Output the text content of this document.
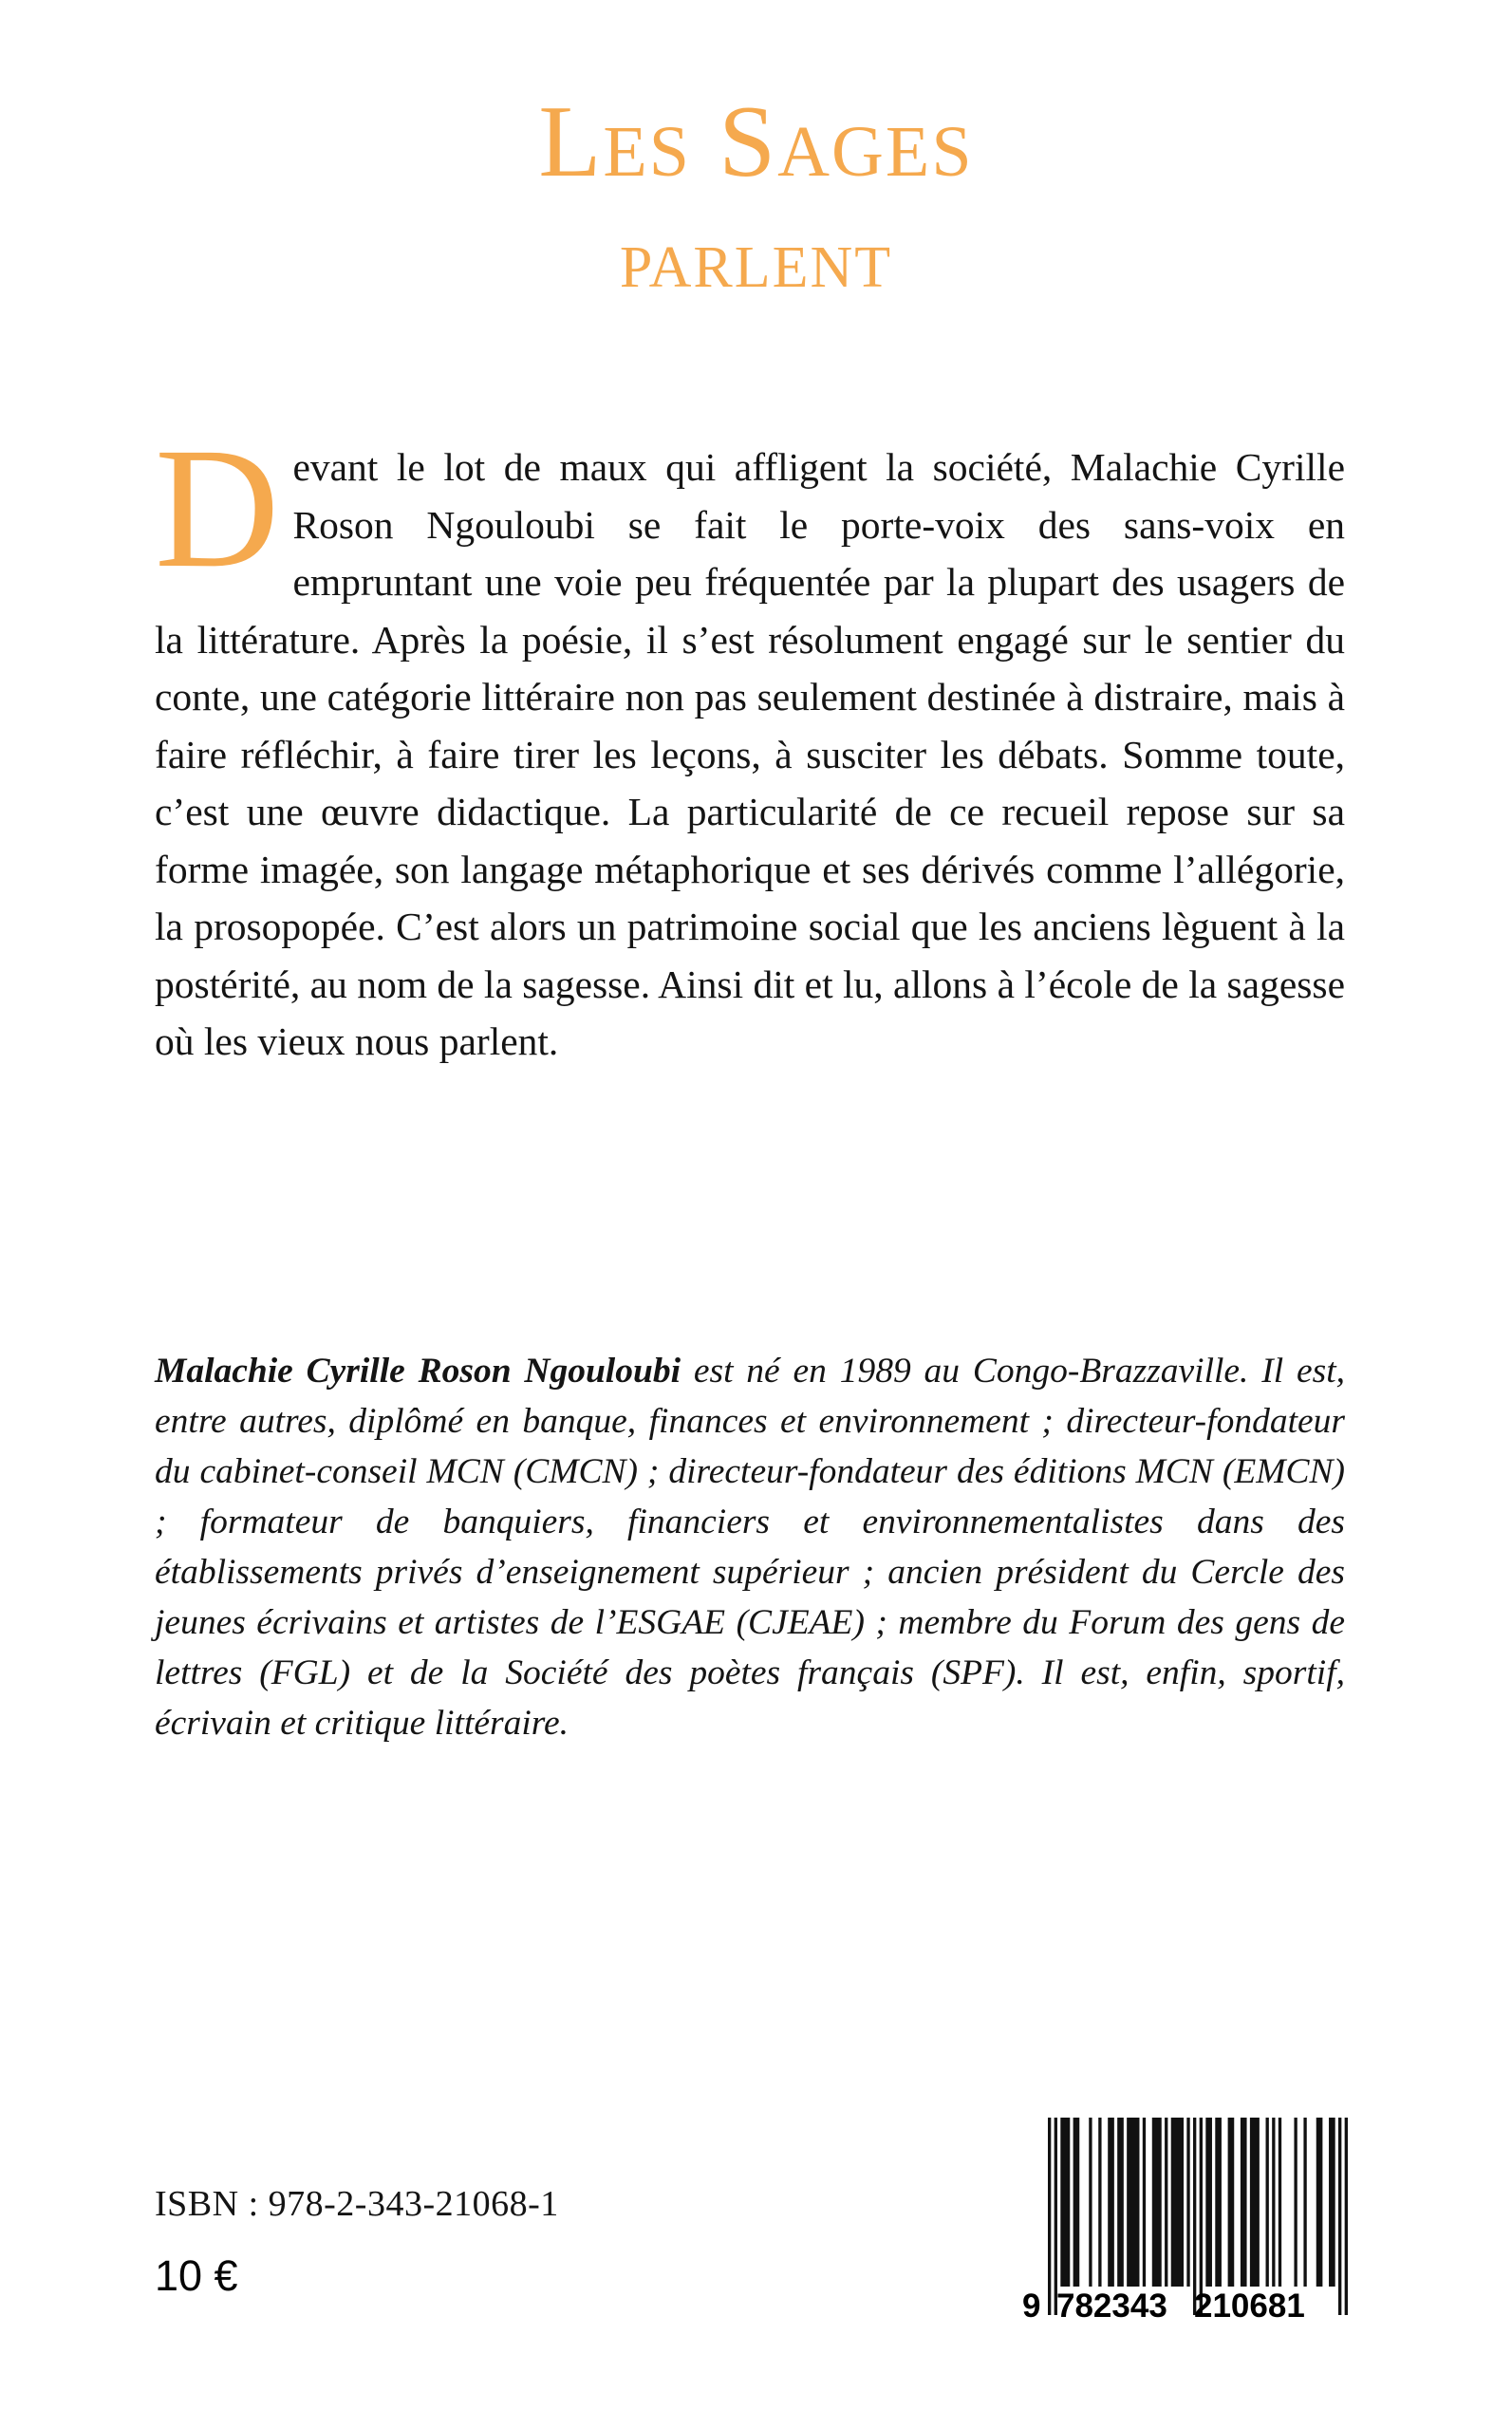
Les Sages
parlent
D evant le lot de maux qui affligent la société, Malachie Cyrille Roson Ngouloubi se fait le porte-voix des sans-voix en empruntant une voie peu fréquentée par la plupart des usagers de la littérature. Après la poésie, il s’est résolument engagé sur le sentier du conte, une catégorie littéraire non pas seulement destinée à distraire, mais à faire réfléchir, à faire tirer les leçons, à susciter les débats. Somme toute, c’est une œuvre didactique. La particularité de ce recueil repose sur sa forme imagée, son langage métaphorique et ses dérivés comme l’allégorie, la prosopopée. C’est alors un patrimoine social que les anciens lèguent à la postérité, au nom de la sagesse. Ainsi dit et lu, allons à l’école de la sagesse où les vieux nous parlent.

Malachie Cyrille Roson Ngouloubi est né en 1989 au Congo-Brazzaville. Il est, entre autres, diplômé en banque, finances et environnement ; directeur-fondateur du cabinet-conseil MCN (CMCN) ; directeur-fondateur des éditions MCN (EMCN) ; formateur de banquiers, financiers et environnementalistes dans des établissements privés d’enseignement supérieur ; ancien président du Cercle des jeunes écrivains et artistes de l’ESGAE (CJEAE) ; membre du Forum des gens de lettres (FGL) et de la Société des poètes français (SPF). Il est, enfin, sportif, écrivain et critique littéraire.

ISBN : 978-2-343-21068-1
10 €
9 782343 210681
